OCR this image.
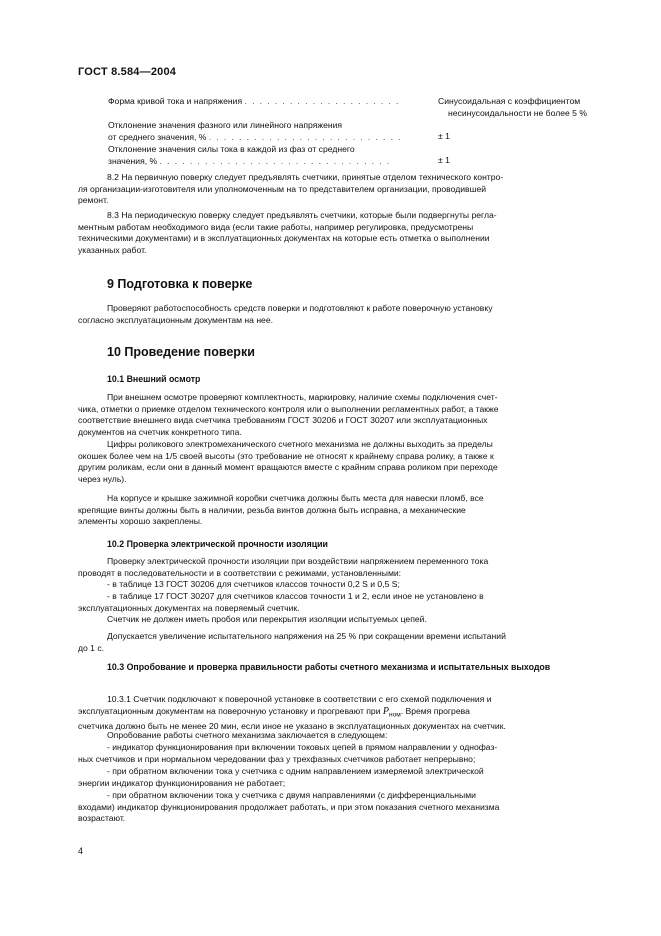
ГОСТ 8.584—2004
Форма кривой тока и напряжения . . . . . . . . . . . . . . . . . . . . .	Синусоидальная с коэффициентом
несинусоидальности не более 5 %
Отклонение значения фазного или линейного напряжения
от среднего значения, % . . . . . . . . . . . . . . . . . . . . . . . . . .	± 1
Отклонение значения силы тока в каждой из фаз от среднего
значения, % . . . . . . . . . . . . . . . . . . . . . . . . . . . . . . .	± 1
8.2 На первичную поверку следует предъявлять счетчики, принятые отделом технического контро-
ля организации-изготовителя или уполномоченным на то представителем организации, проводившей
ремонт.
8.3 На периодическую поверку следует предъявлять счетчики, которые были подвергнуты регла-
ментным работам необходимого вида (если такие работы, например регулировка, предусмотрены
техническими документами) и в эксплуатационных документах на которые есть отметка о выполнении
указанных работ.
9 Подготовка к поверке
Проверяют работоспособность средств поверки и подготовляют к работе поверочную установку
согласно эксплуатационным документам на нее.
10 Проведение поверки
10.1 Внешний осмотр
При внешнем осмотре проверяют комплектность, маркировку, наличие схемы подключения счет-
чика, отметки о приемке отделом технического контроля или о выполнении регламентных работ, а также
соответствие внешнего вида счетчика требованиям ГОСТ 30206 и ГОСТ 30207 или эксплуатационных
документов на счетчик конкретного типа.
Цифры роликового электромеханического счетного механизма не должны выходить за пределы
окошек более чем на 1/5 своей высоты (это требование не относят к крайнему справа ролику, а также к
другим роликам, если они в данный момент вращаются вместе с крайним справа роликом при переходе
через нуль).
На корпусе и крышке зажимной коробки счетчика должны быть места для навески пломб, все
крепящие винты должны быть в наличии, резьба винтов должна быть исправна, а механические
элементы хорошо закреплены.
10.2 Проверка электрической прочности изоляции
Проверку электрической прочности изоляции при воздействии напряжением переменного тока
проводят в последовательности и в соответствии с режимами, установленными:
- в таблице 13 ГОСТ 30206 для счетчиков классов точности 0,2 S и 0,5 S;
- в таблице 17 ГОСТ 30207 для счетчиков классов точности 1 и 2, если иное не установлено в
эксплуатационных документах на поверяемый счетчик.
Счетчик не должен иметь пробоя или перекрытия изоляции испытуемых цепей.
Допускается увеличение испытательного напряжения на 25 % при сокращении времени испытаний
до 1 с.
10.3 Опробование и проверка правильности работы счетного механизма и испытательных выходов
10.3.1 Счетчик подключают к поверочной установке в соответствии с его схемой подключения и
эксплуатационным документам на поверочную установку и прогревают при $P_{ном}$. Время прогрева
счетчика должно быть не менее 20 мин, если иное не указано в эксплуатационных документах на счетчик.
Опробование работы счетного механизма заключается в следующем:
- индикатор функционирования при включении токовых цепей в прямом направлении у однофаз-
ных счетчиков и при нормальном чередовании фаз у трехфазных счетчиков работает непрерывно;
- при обратном включении тока у счетчика с одним направлением измеряемой электрической
энергии индикатор функционирования не работает;
- при обратном включении тока у счетчика с двумя направлениями (с дифференциальными
входами) индикатор функционирования продолжает работать, и при этом показания счетного механизма
возрастают.
4
